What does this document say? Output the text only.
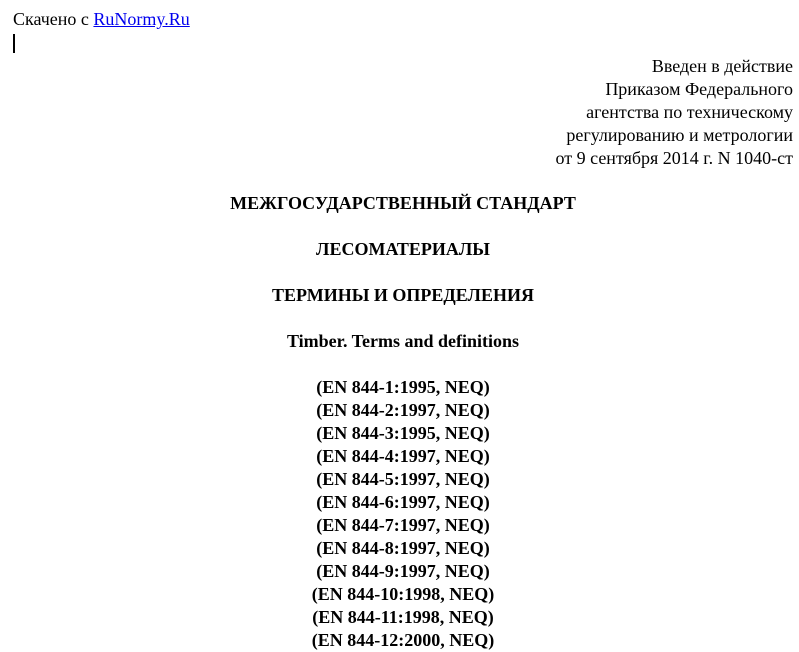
Скачено с RuNormy.Ru
Введен в действие
Приказом Федерального
агентства по техническому
регулированию и метрологии
от 9 сентября 2014 г. N 1040-ст
МЕЖГОСУДАРСТВЕННЫЙ СТАНДАРТ
ЛЕСОМАТЕРИАЛЫ
ТЕРМИНЫ И ОПРЕДЕЛЕНИЯ
Timber. Terms and definitions
(EN 844-1:1995, NEQ)
(EN 844-2:1997, NEQ)
(EN 844-3:1995, NEQ)
(EN 844-4:1997, NEQ)
(EN 844-5:1997, NEQ)
(EN 844-6:1997, NEQ)
(EN 844-7:1997, NEQ)
(EN 844-8:1997, NEQ)
(EN 844-9:1997, NEQ)
(EN 844-10:1998, NEQ)
(EN 844-11:1998, NEQ)
(EN 844-12:2000, NEQ)
